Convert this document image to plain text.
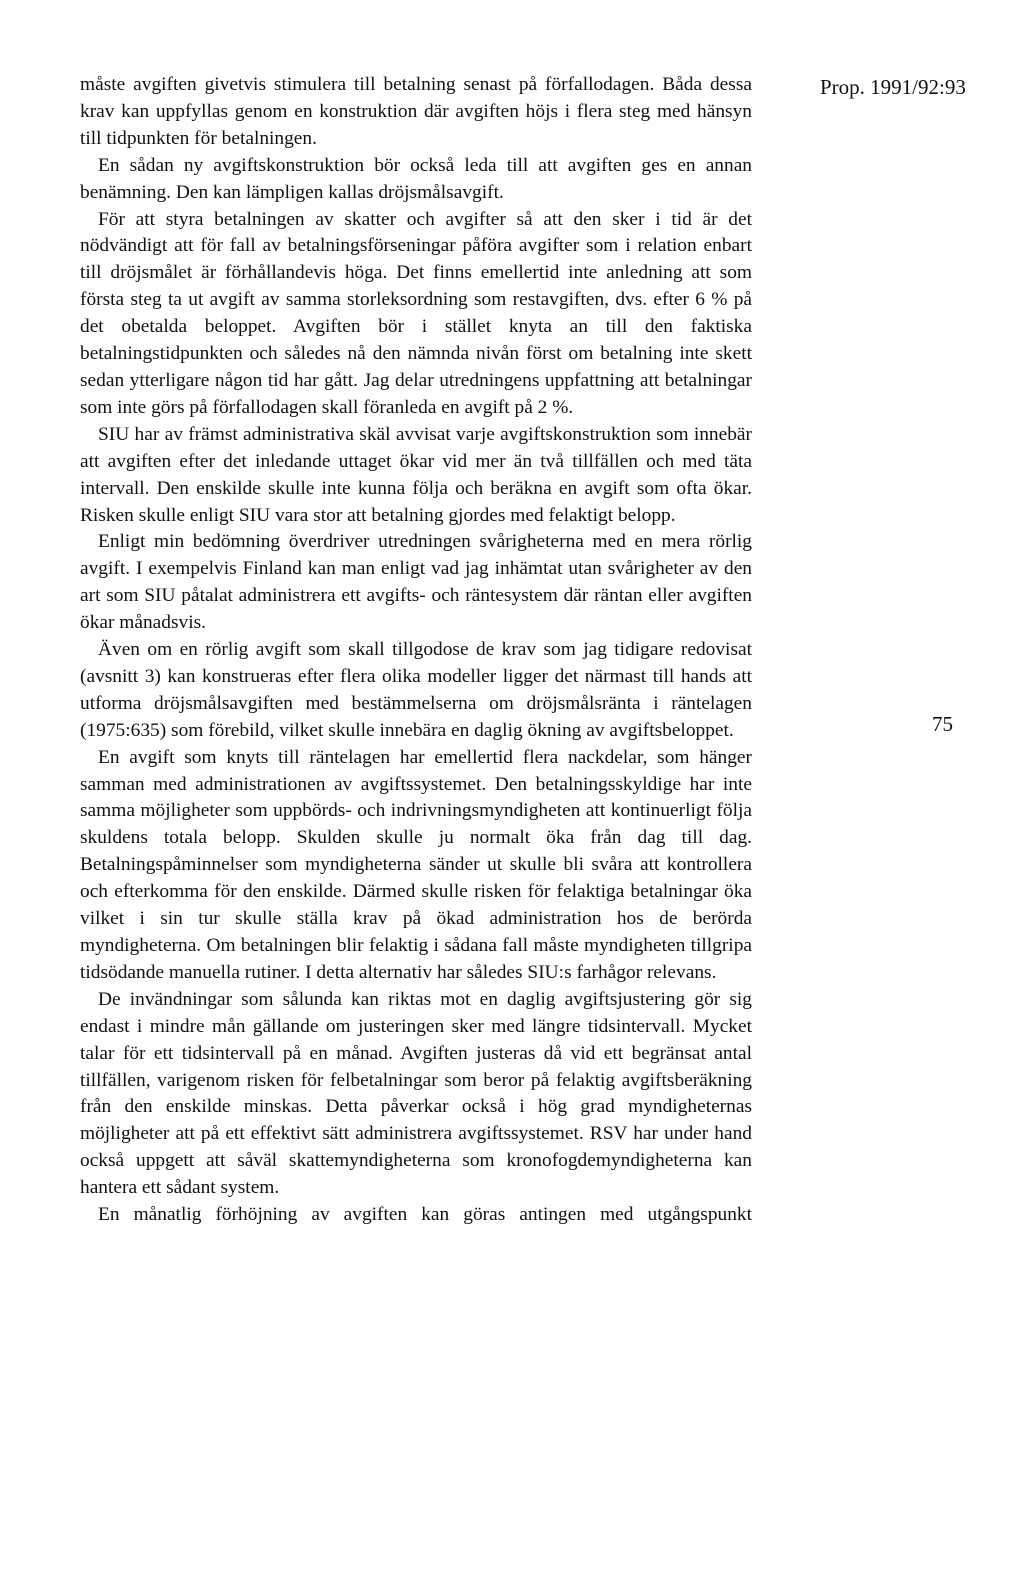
Prop. 1991/92:93

måste avgiften givetvis stimulera till betalning senast på förfallodagen. Båda dessa krav kan uppfyllas genom en konstruktion där avgiften höjs i flera steg med hänsyn till tidpunkten för betalningen.

En sådan ny avgiftskonstruktion bör också leda till att avgiften ges en annan benämning. Den kan lämpligen kallas dröjsmålsavgift.

För att styra betalningen av skatter och avgifter så att den sker i tid är det nödvändigt att för fall av betalningsförseningar påföra avgifter som i relation enbart till dröjsmålet är förhållandevis höga. Det finns emellertid inte anledning att som första steg ta ut avgift av samma storleksordning som restavgiften, dvs. efter 6 % på det obetalda beloppet. Avgiften bör i stället knyta an till den faktiska betalningstidpunkten och således nå den nämnda nivån först om betalning inte skett sedan ytterligare någon tid har gått. Jag delar utredningens uppfattning att betalningar som inte görs på förfallodagen skall föranleda en avgift på 2 %.

SIU har av främst administrativa skäl avvisat varje avgiftskonstruktion som innebär att avgiften efter det inledande uttaget ökar vid mer än två tillfällen och med täta intervall. Den enskilde skulle inte kunna följa och beräkna en avgift som ofta ökar. Risken skulle enligt SIU vara stor att betalning gjordes med felaktigt belopp.

Enligt min bedömning överdriver utredningen svårigheterna med en mera rörlig avgift. I exempelvis Finland kan man enligt vad jag inhämtat utan svårigheter av den art som SIU påtalat administrera ett avgifts- och räntesystem där räntan eller avgiften ökar månadsvis.

Även om en rörlig avgift som skall tillgodose de krav som jag tidigare redovisat (avsnitt 3) kan konstrueras efter flera olika modeller ligger det närmast till hands att utforma dröjsmålsavgiften med bestämmelserna om dröjsmålsränta i räntelagen (1975:635) som förebild, vilket skulle innebära en daglig ökning av avgiftsbeloppet.

En avgift som knyts till räntelagen har emellertid flera nackdelar, som hänger samman med administrationen av avgiftssystemet. Den betalningsskyldige har inte samma möjligheter som uppbörds- och indrivningsmyndigheten att kontinuerligt följa skuldens totala belopp. Skulden skulle ju normalt öka från dag till dag. Betalningspåminnelser som myndigheterna sänder ut skulle bli svåra att kontrollera och efterkomma för den enskilde. Därmed skulle risken för felaktiga betalningar öka vilket i sin tur skulle ställa krav på ökad administration hos de berörda myndigheterna. Om betalningen blir felaktig i sådana fall måste myndigheten tillgripa tidsödande manuella rutiner. I detta alternativ har således SIU:s farhågor relevans.

De invändningar som sålunda kan riktas mot en daglig avgiftsjustering gör sig endast i mindre mån gällande om justeringen sker med längre tidsintervall. Mycket talar för ett tidsintervall på en månad. Avgiften justeras då vid ett begränsat antal tillfällen, varigenom risken för felbetalningar som beror på felaktig avgiftsberäkning från den enskilde minskas. Detta påverkar också i hög grad myndigheternas möjligheter att på ett effektivt sätt administrera avgiftssystemet. RSV har under hand också uppgett att såväl skattemyndigheterna som kronofogdemyndigheterna kan hantera ett sådant system.

En månatlig förhöjning av avgiften kan göras antingen med utgångspunkt

75
